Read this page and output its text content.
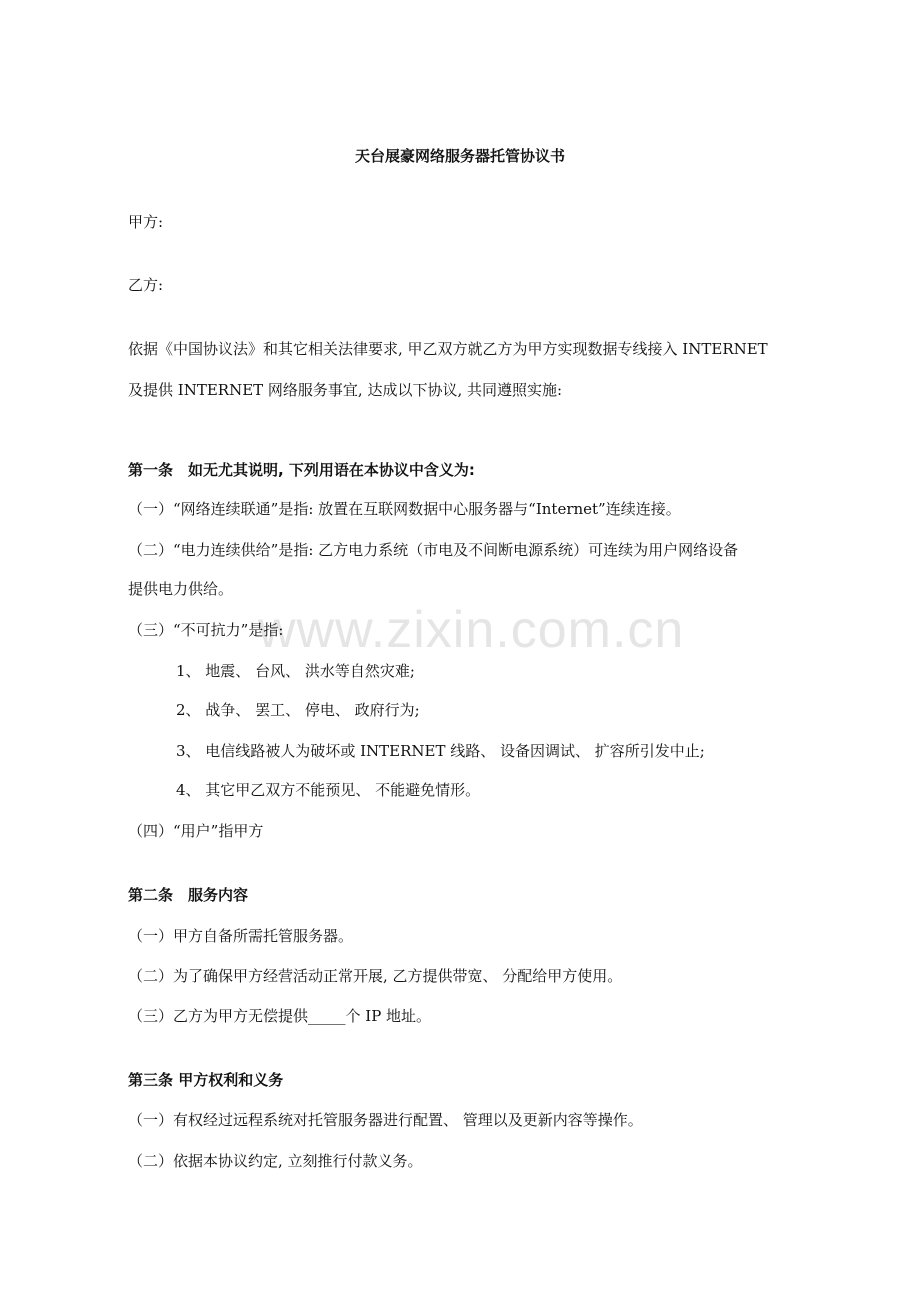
www.zixin.com.cn
天台展豪网络服务器托管协议书
甲方:
乙方:
依据《中国协议法》和其它相关法律要求, 甲乙双方就乙方为甲方实现数据专线接入 INTERNET
及提供 INTERNET 网络服务事宜, 达成以下协议, 共同遵照实施:
第一条　如无尤其说明, 下列用语在本协议中含义为:
（一）“网络连续联通”是指: 放置在互联网数据中心服务器与“Internet”连续连接。
（二）“电力连续供给”是指: 乙方电力系统（市电及不间断电源系统）可连续为用户网络设备
提供电力供给。
（三）“不可抗力”是指:
1、 地震、 台风、 洪水等自然灾难;
2、 战争、 罢工、 停电、 政府行为;
3、 电信线路被人为破坏或 INTERNET 线路、 设备因调试、 扩容所引发中止;
4、 其它甲乙双方不能预见、 不能避免情形。
（四）“用户”指甲方
第二条　服务内容
（一）甲方自备所需托管服务器。
（二）为了确保甲方经营活动正常开展, 乙方提供带宽、 分配给甲方使用。
（三）乙方为甲方无偿提供_____个 IP 地址。
第三条 甲方权利和义务
（一）有权经过远程系统对托管服务器进行配置、 管理以及更新内容等操作。
（二）依据本协议约定, 立刻推行付款义务。
